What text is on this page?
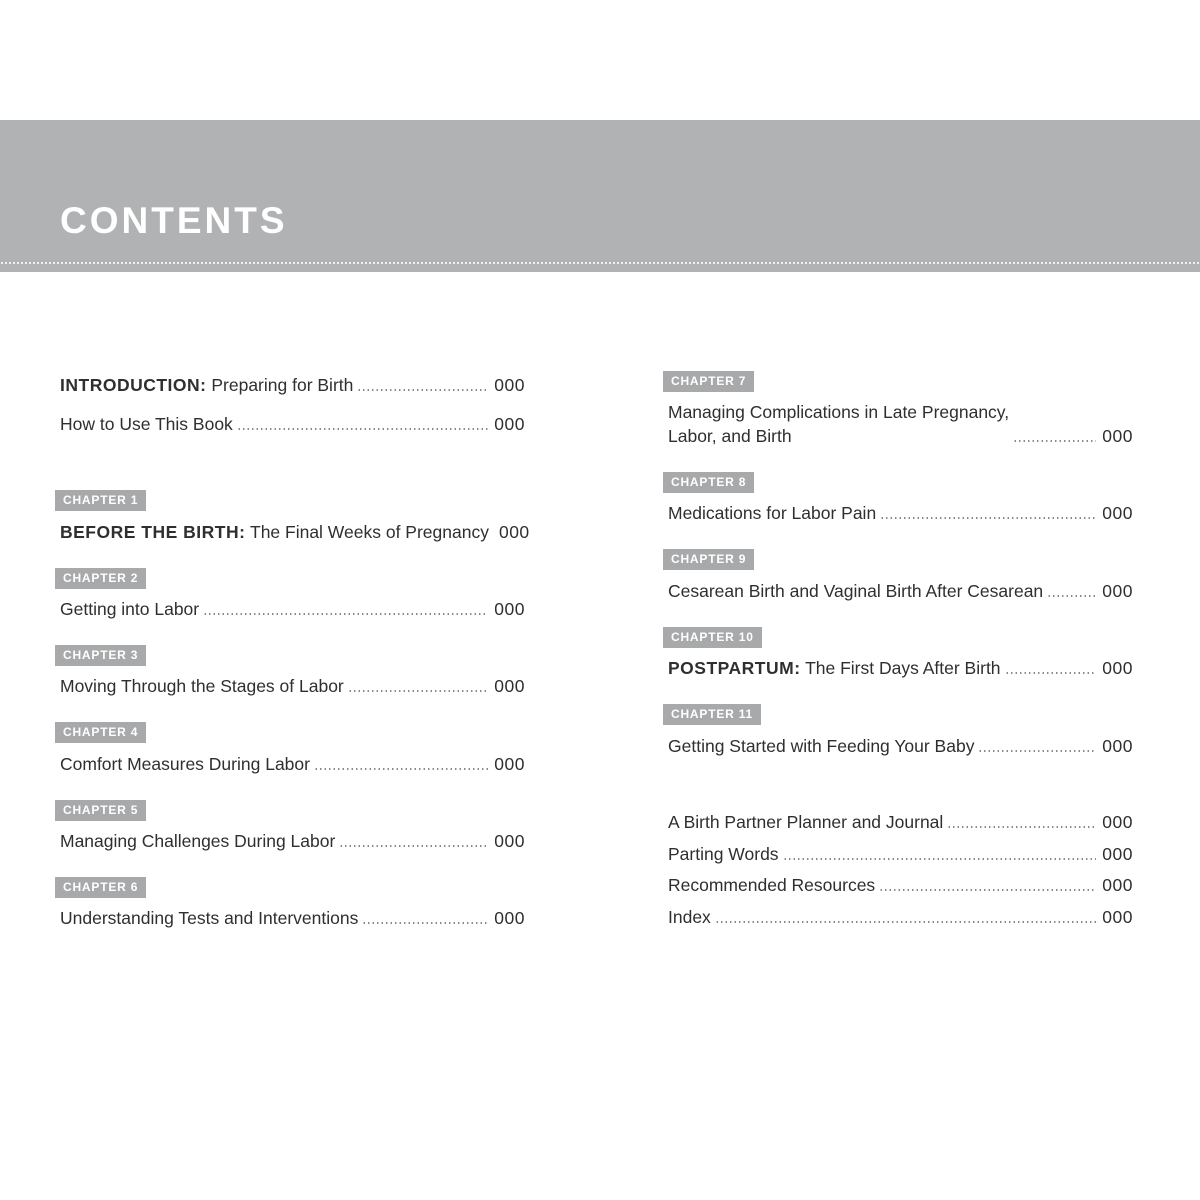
CONTENTS
INTRODUCTION: Preparing for Birth	000
How to Use This Book	000
CHAPTER 1
BEFORE THE BIRTH: The Final Weeks of Pregnancy 000
CHAPTER 2
Getting into Labor	000
CHAPTER 3
Moving Through the Stages of Labor	000
CHAPTER 4
Comfort Measures During Labor	000
CHAPTER 5
Managing Challenges During Labor	000
CHAPTER 6
Understanding Tests and Interventions	000
CHAPTER 7
Managing Complications in Late Pregnancy,
Labor, and Birth	000
CHAPTER 8
Medications for Labor Pain	000
CHAPTER 9
Cesarean Birth and Vaginal Birth After Cesarean	000
CHAPTER 10
POSTPARTUM: The First Days After Birth	000
CHAPTER 11
Getting Started with Feeding Your Baby	000
A Birth Partner Planner and Journal	000
Parting Words	000
Recommended Resources	000
Index	000
